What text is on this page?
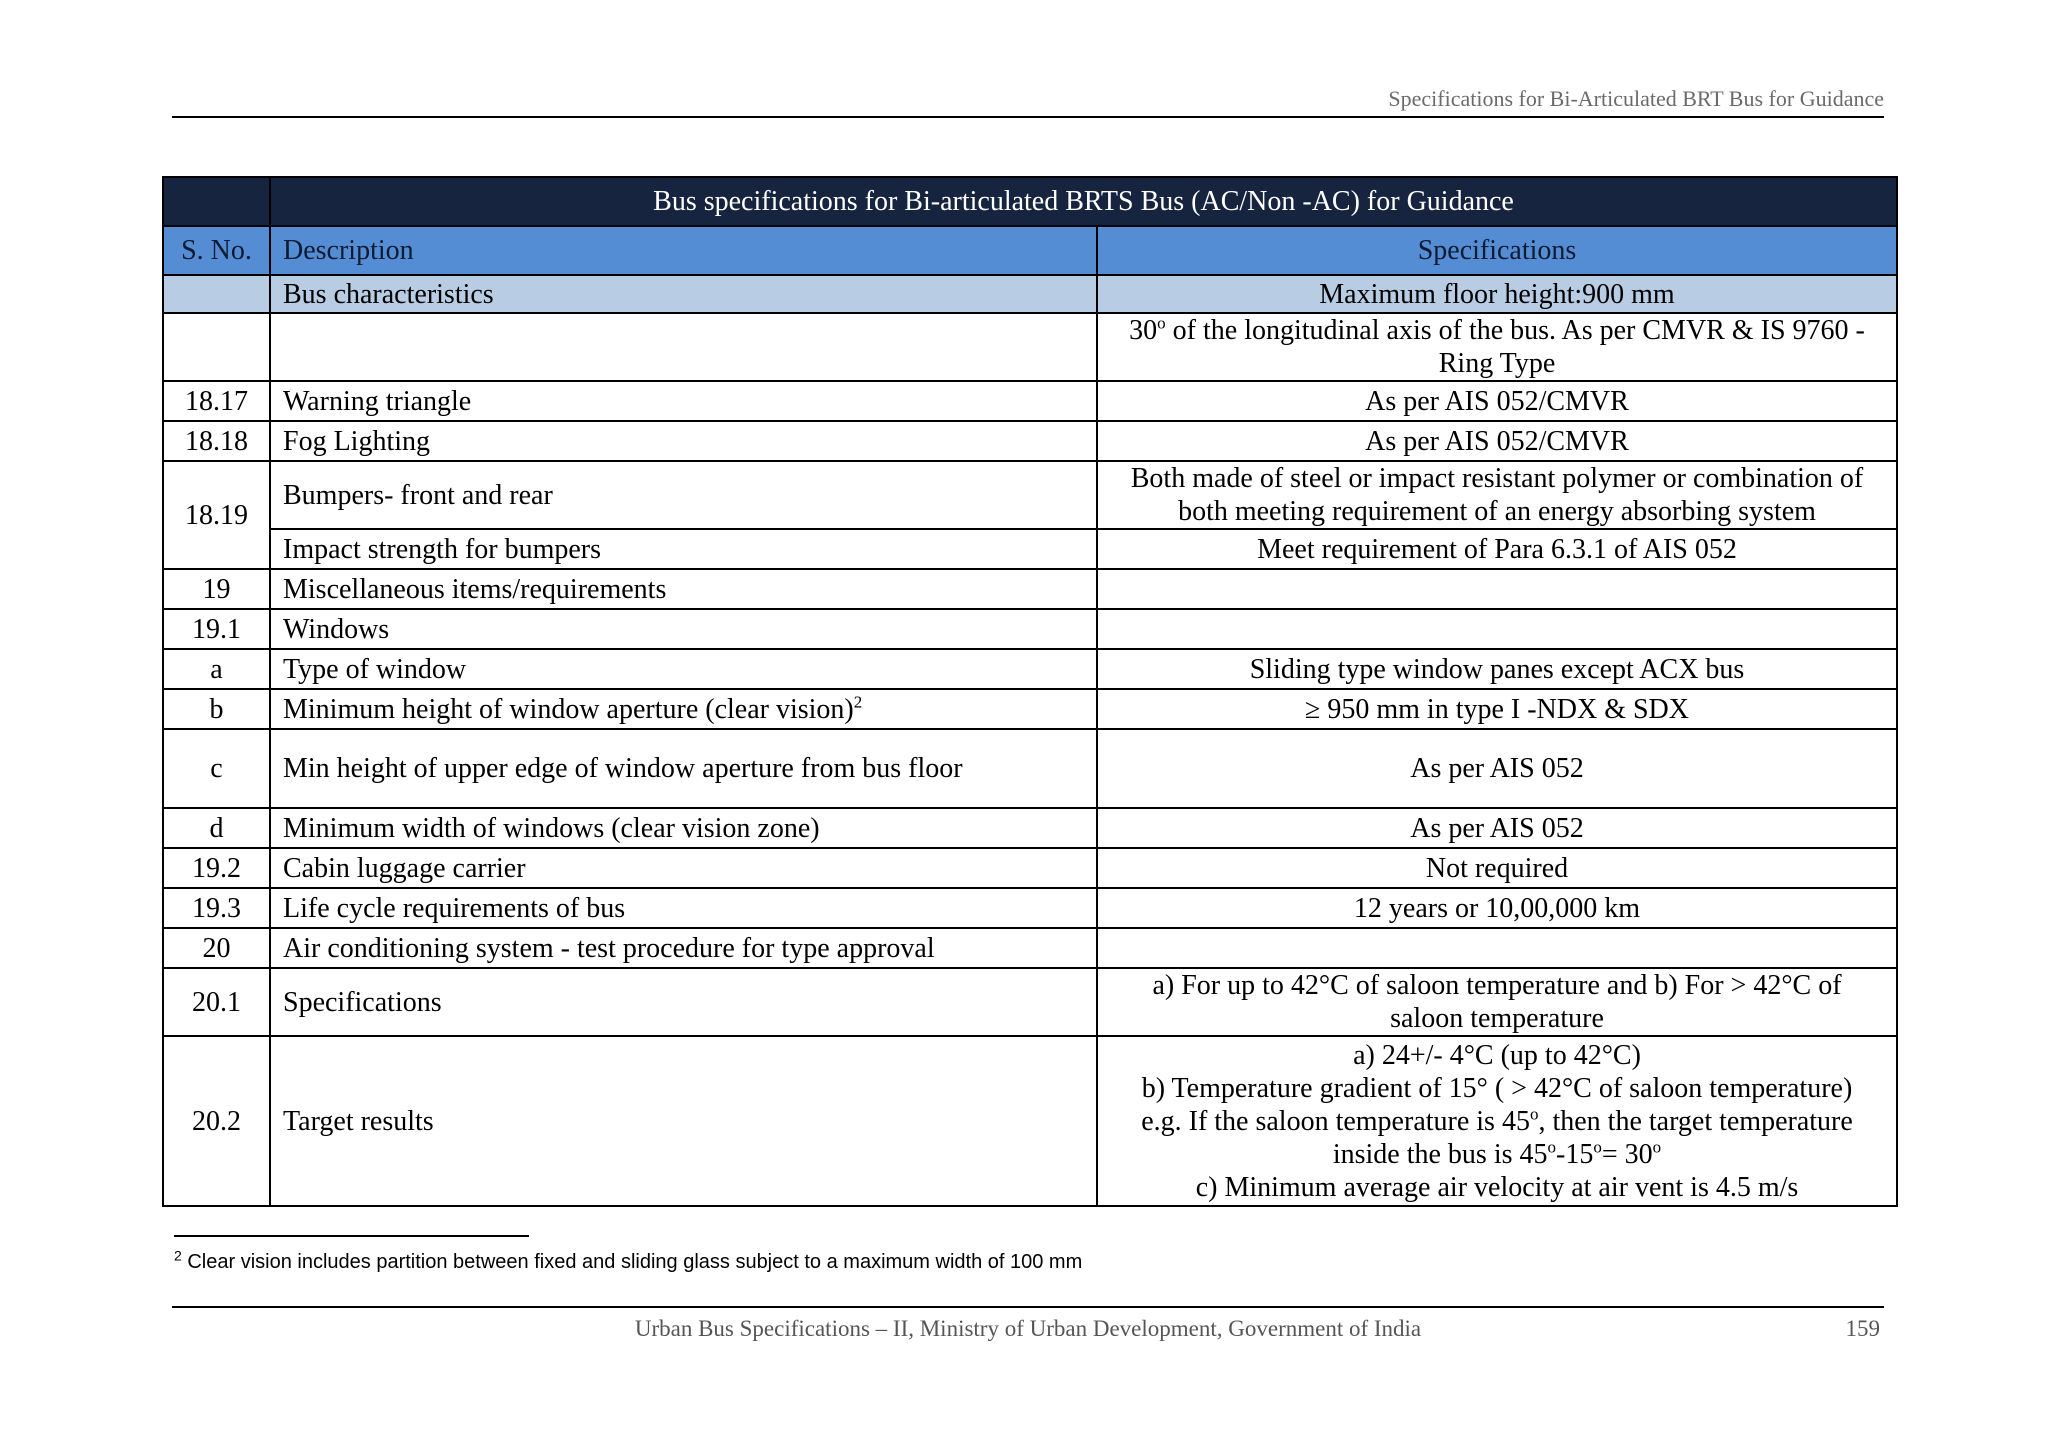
Specifications for Bi-Articulated BRT Bus for Guidance
	Bus specifications for Bi-articulated BRTS Bus (AC/Non -AC) for Guidance	
S. No.	Description	Specifications
	Bus characteristics	Maximum floor height:900 mm
		30$^o$ of the longitudinal axis of the bus. As per CMVR & IS 9760 -
Ring Type
18.17	Warning triangle	As per AIS 052/CMVR
18.18	Fog Lighting	As per AIS 052/CMVR
18.19	Bumpers- front and rear	Both made of steel or impact resistant polymer or combination of
both meeting requirement of an energy absorbing system
	Impact strength for bumpers	Meet requirement of Para 6.3.1 of AIS 052
19	Miscellaneous items/requirements	
19.1	Windows	
a	Type of window	Sliding type window panes except ACX bus
b	Minimum height of window aperture (clear vision)$^2$	≥ 950 mm in type I -NDX & SDX
c	Min height of upper edge of window aperture from bus floor	As per AIS 052
d	Minimum width of windows (clear vision zone)	As per AIS 052
19.2	Cabin luggage carrier	Not required
19.3	Life cycle requirements of bus	12 years or 10,00,000 km
20	Air conditioning system - test procedure for type approval	
20.1	Specifications	a) For up to 42°C of saloon temperature and b) For > 42°C of
saloon temperature
20.2	Target results	a) 24+/- 4°C (up to 42°C)
b) Temperature gradient of 15° ( > 42°C of saloon temperature)
e.g. If the saloon temperature is 45$^o$, then the target temperature
inside the bus is $45^o-15^o= 30^o$
c) Minimum average air velocity at air vent is 4.5 m/s
$^2$ Clear vision includes partition between fixed and sliding glass subject to a maximum width of 100 mm
Urban Bus Specifications – II, Ministry of Urban Development, Government of India	159
